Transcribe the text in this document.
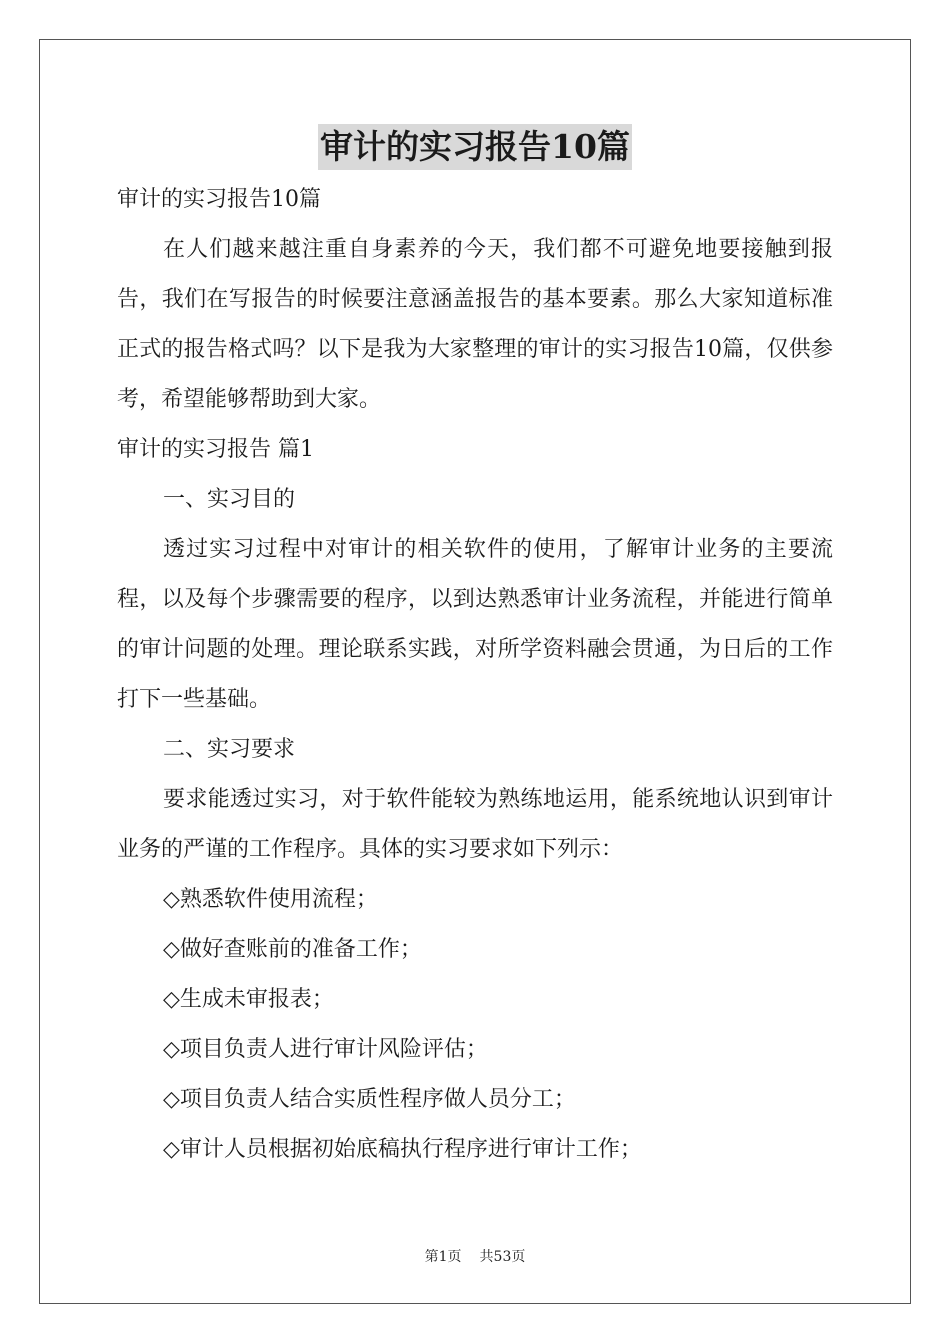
审计的实习报告10篇
审计的实习报告10篇
在人们越来越注重自身素养的今天，我们都不可避免地要接触到报告，我们在写报告的时候要注意涵盖报告的基本要素。那么大家知道标准正式的报告格式吗？以下是我为大家整理的审计的实习报告10篇，仅供参考，希望能够帮助到大家。
审计的实习报告 篇1
一、实习目的
透过实习过程中对审计的相关软件的使用，了解审计业务的主要流程，以及每个步骤需要的程序，以到达熟悉审计业务流程，并能进行简单的审计问题的处理。理论联系实践，对所学资料融会贯通，为日后的工作打下一些基础。
二、实习要求
要求能透过实习，对于软件能较为熟练地运用，能系统地认识到审计业务的严谨的工作程序。具体的实习要求如下列示：
◇熟悉软件使用流程；
◇做好查账前的准备工作；
◇生成未审报表；
◇项目负责人进行审计风险评估；
◇项目负责人结合实质性程序做人员分工；
◇审计人员根据初始底稿执行程序进行审计工作；
第1页 共53页
